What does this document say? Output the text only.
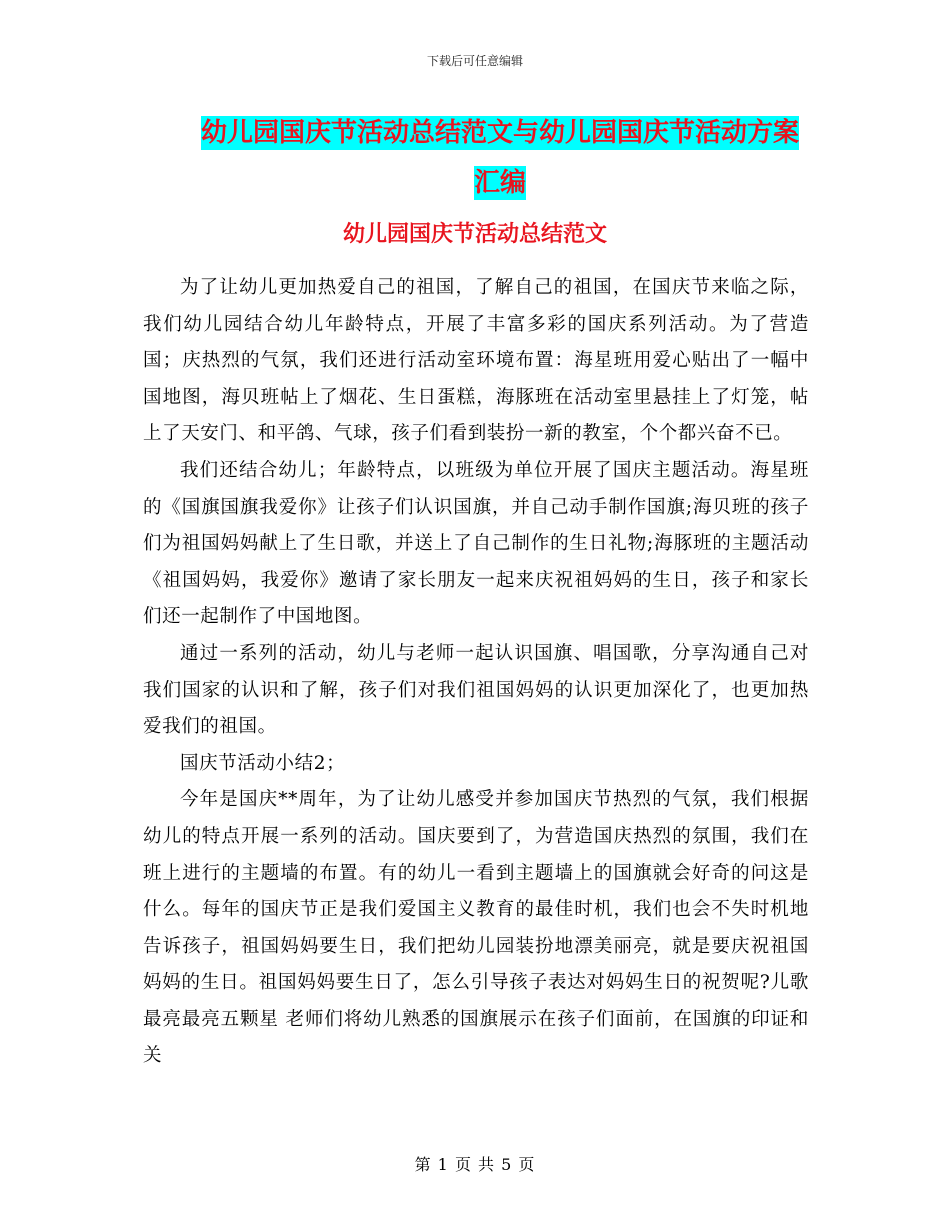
下载后可任意编辑
幼儿园国庆节活动总结范文与幼儿园国庆节活动方案
汇编
幼儿园国庆节活动总结范文

为了让幼儿更加热爱自己的祖国，了解自己的祖国，在国庆节来临之际，我们幼儿园结合幼儿年龄特点，开展了丰富多彩的国庆系列活动。为了营造国；庆热烈的气氛，我们还进行活动室环境布置：海星班用爱心贴出了一幅中国地图，海贝班帖上了烟花、生日蛋糕，海豚班在活动室里悬挂上了灯笼，帖上了天安门、和平鸽、气球，孩子们看到装扮一新的教室，个个都兴奋不已。

我们还结合幼儿；年龄特点，以班级为单位开展了国庆主题活动。海星班的《国旗国旗我爱你》让孩子们认识国旗，并自己动手制作国旗;海贝班的孩子们为祖国妈妈献上了生日歌，并送上了自己制作的生日礼物;海豚班的主题活动《祖国妈妈，我爱你》邀请了家长朋友一起来庆祝祖妈妈的生日，孩子和家长们还一起制作了中国地图。

通过一系列的活动，幼儿与老师一起认识国旗、唱国歌，分享沟通自己对我们国家的认识和了解，孩子们对我们祖国妈妈的认识更加深化了，也更加热爱我们的祖国。

国庆节活动小结2；

今年是国庆**周年，为了让幼儿感受并参加国庆节热烈的气氛，我们根据幼儿的特点开展一系列的活动。国庆要到了，为营造国庆热烈的氛围，我们在班上进行的主题墙的布置。有的幼儿一看到主题墙上的国旗就会好奇的问这是什么。每年的国庆节正是我们爱国主义教育的最佳时机，我们也会不失时机地告诉孩子，祖国妈妈要生日，我们把幼儿园装扮地漂美丽亮，就是要庆祝祖国妈妈的生日。祖国妈妈要生日了，怎么引导孩子表达对妈妈生日的祝贺呢?儿歌 最亮最亮五颗星 老师们将幼儿熟悉的国旗展示在孩子们面前，在国旗的印证和关

第 1 页 共 5 页
